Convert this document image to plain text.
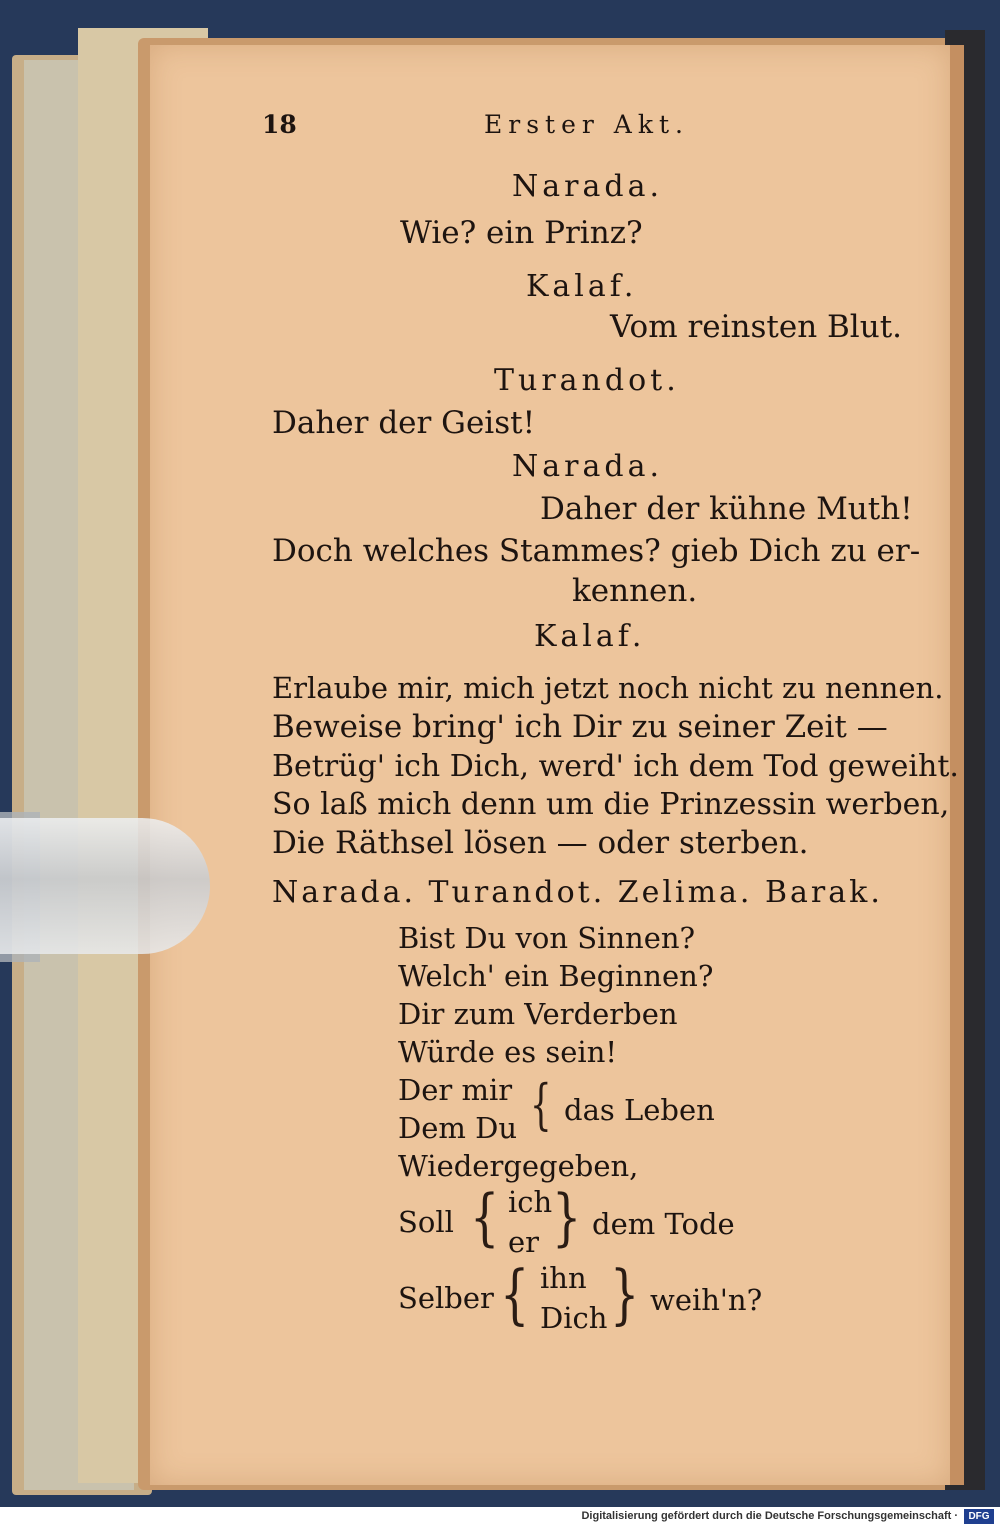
18	Erster Akt.
Narada.
Wie? ein Prinz?
Kalaf.
Vom reinsten Blut.
Turandot.
Daher der Geist!
Narada.
Daher der kühne Muth!
Doch welches Stammes? gieb Dich zu er-
kennen.
Kalaf.
Erlaube mir, mich jetzt noch nicht zu nennen.
Beweise bring' ich Dir zu seiner Zeit —
Betrüg' ich Dich, werd' ich dem Tod geweiht.
So laß mich denn um die Prinzessin werben,
Die Räthsel lösen — oder sterben.
Narada. Turandot. Zelima. Barak.
Bist Du von Sinnen?
Welch' ein Beginnen?
Dir zum Verderben
Würde es sein!
Der mir
Dem Du { das Leben
Wiedergegeben,
Soll { ich
er } dem Tode
Selber { ihn
Dich } weih'n?
Digitalisierung gefördert durch die Deutsche Forschungsgemeinschaft ·	DFG
